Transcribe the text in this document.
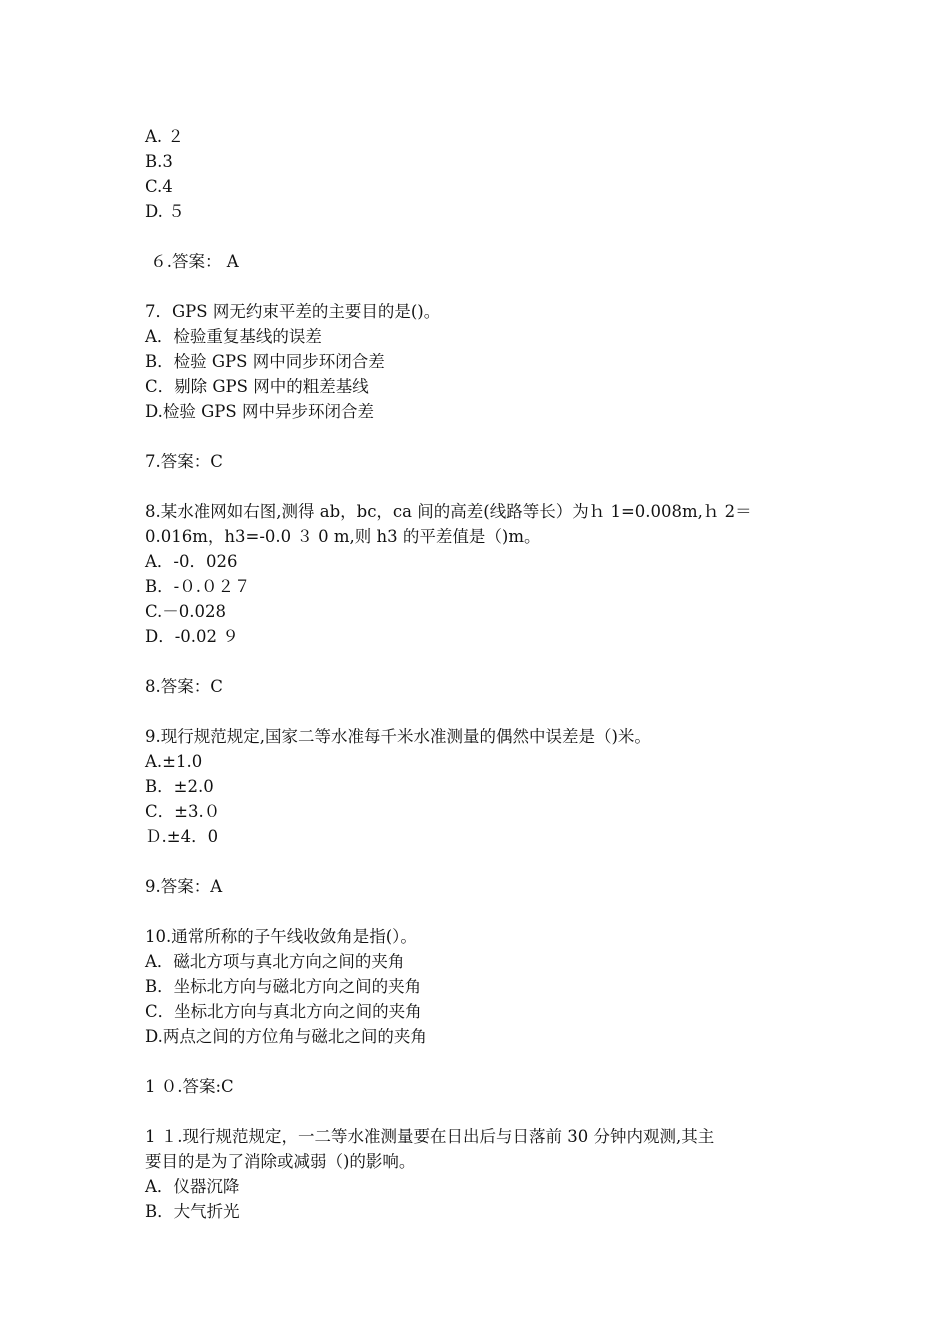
A. ２

B.3

C.4

D. ５

６.答案： A

7．GPS 网无约束平差的主要目的是()。

A．检验重复基线的误差

B．检验 GPS 网中同步环闭合差

C．剔除 GPS 网中的粗差基线

D.检验 GPS 网中异步环闭合差

7.答案：C

8.某水准网如右图,测得 ab，bc，ca 间的高差(线路等长）为ｈ 1=0.008m,ｈ 2＝

0.016m，h3=-0.0 ３ 0 m,则 h3 的平差值是（)m。

A．-0．026

B．-０.０２７

C.－0.028

D．-0.02 ９

8.答案：C

9.现行规范规定,国家二等水准每千米水准测量的偶然中误差是（)米。

A.±1.0

B．±2.0

C．±3.０

Ｄ.±4．0

9.答案：A

10.通常所称的子午线收敛角是指(）。

A．磁北方项与真北方向之间的夹角

B．坐标北方向与磁北方向之间的夹角

C．坐标北方向与真北方向之间的夹角

D.两点之间的方位角与磁北之间的夹角

1 ０.答案:C

1 １.现行规范规定，一二等水准测量要在日出后与日落前 30 分钟内观测,其主

要目的是为了消除或减弱（)的影响。

A．仪器沉降

B．大气折光
